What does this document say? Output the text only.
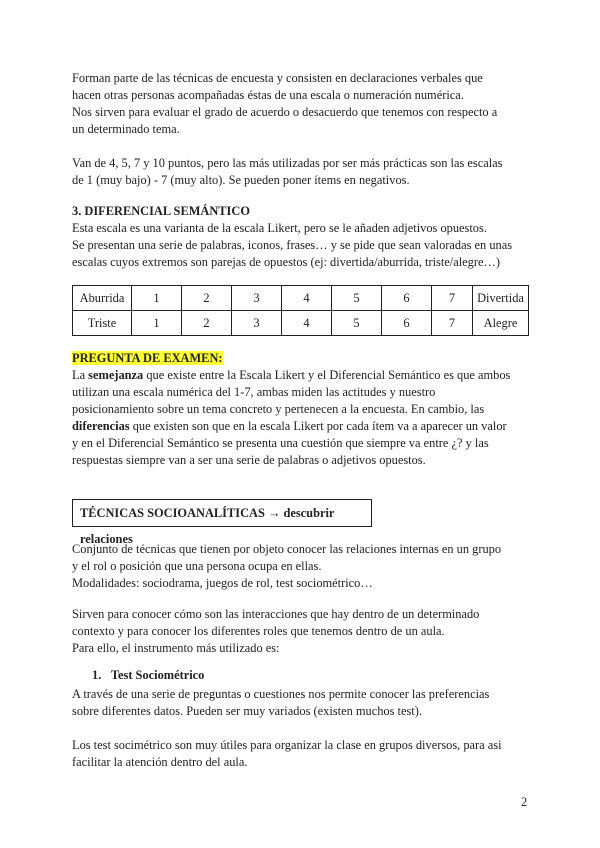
Forman parte de las técnicas de encuesta y consisten en declaraciones verbales que
hacen otras personas acompañadas éstas de una escala o numeración numérica.
Nos sirven para evaluar el grado de acuerdo o desacuerdo que tenemos con respecto a
un determinado tema.

Van de 4, 5, 7 y 10 puntos, pero las más utilizadas por ser más prácticas son las escalas
de 1 (muy bajo) - 7 (muy alto). Se pueden poner ítems en negativos.

3. DIFERENCIAL SEMÁNTICO
Esta escala es una varianta de la escala Likert, pero se le añaden adjetivos opuestos.
Se presentan una serie de palabras, iconos, frases… y se pide que sean valoradas en unas
escalas cuyos extremos son parejas de opuestos (ej: divertida/aburrida, triste/alegre…)

Aburrida	1	2	3	4	5	6	7	Divertida
Triste	1	2	3	4	5	6	7	Alegre

PREGUNTA DE EXAMEN:
La semejanza que existe entre la Escala Likert y el Diferencial Semántico es que ambos
utilizan una escala numérica del 1-7, ambas miden las actitudes y nuestro
posicionamiento sobre un tema concreto y pertenecen a la encuesta. En cambio, las
diferencias que existen son que en la escala Likert por cada ítem va a aparecer un valor
y en el Diferencial Semántico se presenta una cuestión que siempre va entre ¿? y las
respuestas siempre van a ser una serie de palabras o adjetivos opuestos.

TÉCNICAS SOCIOANALÍTICAS → descubrir relaciones

Conjunto de técnicas que tienen por objeto conocer las relaciones internas en un grupo
y el rol o posición que una persona ocupa en ellas.
Modalidades: sociodrama, juegos de rol, test sociométrico…

Sirven para conocer cómo son las interacciones que hay dentro de un determinado
contexto y para conocer los diferentes roles que tenemos dentro de un aula.
Para ello, el instrumento más utilizado es:

1. Test Sociométrico

A través de una serie de preguntas o cuestiones nos permite conocer las preferencias
sobre diferentes datos. Pueden ser muy variados (existen muchos test).

Los test socimétrico son muy útiles para organizar la clase en grupos diversos, para asi
facilitar la atención dentro del aula.

2
